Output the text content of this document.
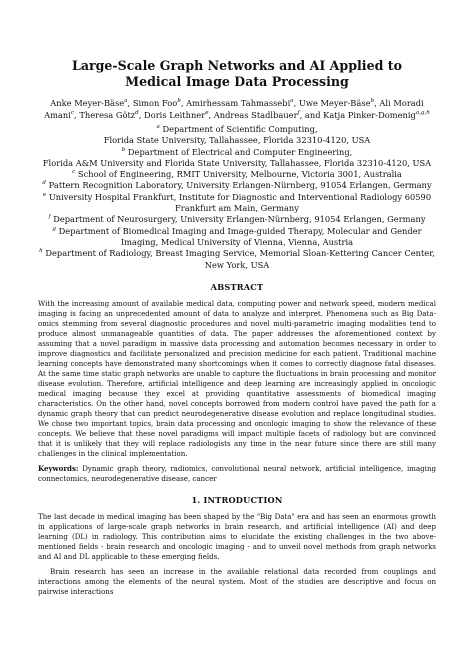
Large-Scale Graph Networks and AI Applied to Medical Image Data Processing
Anke Meyer-Bäse$^a$, Simon Foo$^b$, Amirhessam Tahmassebi$^a$, Uwe Meyer-Bäse$^b$, Ali Moradi Amani$^c$, Theresa Götz$^d$, Doris Leithner$^e$, Andreas Stadlbauer$^f$, and Katja Pinker-Domenig$^{a,g,h}$

$^a$ Department of Scientific Computing,

Florida State University, Tallahassee, Florida 32310-4120, USA

$^b$ Department of Electrical and Computer Engineering,

Florida A&M University and Florida State University, Tallahassee, Florida 32310-4120, USA

$^c$ School of Engineering, RMIT University, Melbourne, Victoria 3001, Australia

$^d$ Pattern Recognition Laboratory, University Erlangen-Nürnberg, 91054 Erlangen, Germany

$^e$ University Hospital Frankfurt, Institute for Diagnostic and Interventional Radiology 60590

Frankfurt am Main, Germany

$^f$ Department of Neurosurgery, University Erlangen-Nürnberg, 91054 Erlangen, Germany

$^g$ Department of Biomedical Imaging and Image-guided Therapy, Molecular and Gender

Imaging, Medical University of Vienna, Vienna, Austria

$^h$ Department of Radiology, Breast Imaging Service, Memorial Sloan-Kettering Cancer Center,

New York, USA

ABSTRACT

With the increasing amount of available medical data, computing power and network speed, modern medical imaging is facing an unprecedented amount of data to analyze and interpret. Phenomena such as Big Data-omics stemming from several diagnostic procedures and novel multi-parametric imaging modalities tend to produce almost unmanageable quantities of data. The paper addresses the aforementioned context by assuming that a novel paradigm in massive data processing and automation becomes necessary in order to improve diagnostics and facilitate personalized and precision medicine for each patient. Traditional machine learning concepts have demonstrated many shortcomings when it comes to correctly diagnose fatal diseases. At the same time static graph networks are unable to capture the fluctuations in brain processing and monitor disease evolution. Therefore, artificial intelligence and deep learning are increasingly applied in oncologic medical imaging because they excel at providing quantitative assessments of biomedical imaging characteristics. On the other hand, novel concepts borrowed from modern control have paved the path for a dynamic graph theory that can predict neurodegenerative disease evolution and replace longitudinal studies. We chose two important topics, brain data processing and oncologic imaging to show the relevance of these concepts. We believe that these novel paradigms will impact multiple facets of radiology but are convinced that it is unlikely that they will replace radiologists any time in the near future since there are still many challenges in the clinical implementation.

Keywords: Dynamic graph theory, radiomics, convolutional neural network, artificial intelligence, imaging connectomics, neurodegenerative disease, cancer

1. INTRODUCTION

The last decade in medical imaging has been shaped by the "Big Data" era and has seen an enormous growth in applications of large-scale graph networks in brain research, and artificial intelligence (AI) and deep learning (DL) in radiology. This contribution aims to elucidate the existing challenges in the two above-mentioned fields - brain research and oncologic imaging - and to unveil novel methods from graph networks and AI and DL applicable to these emerging fields.

Brain research has seen an increase in the available relational data recorded from couplings and interactions among the elements of the neural system. Most of the studies are descriptive and focus on pairwise interactions
